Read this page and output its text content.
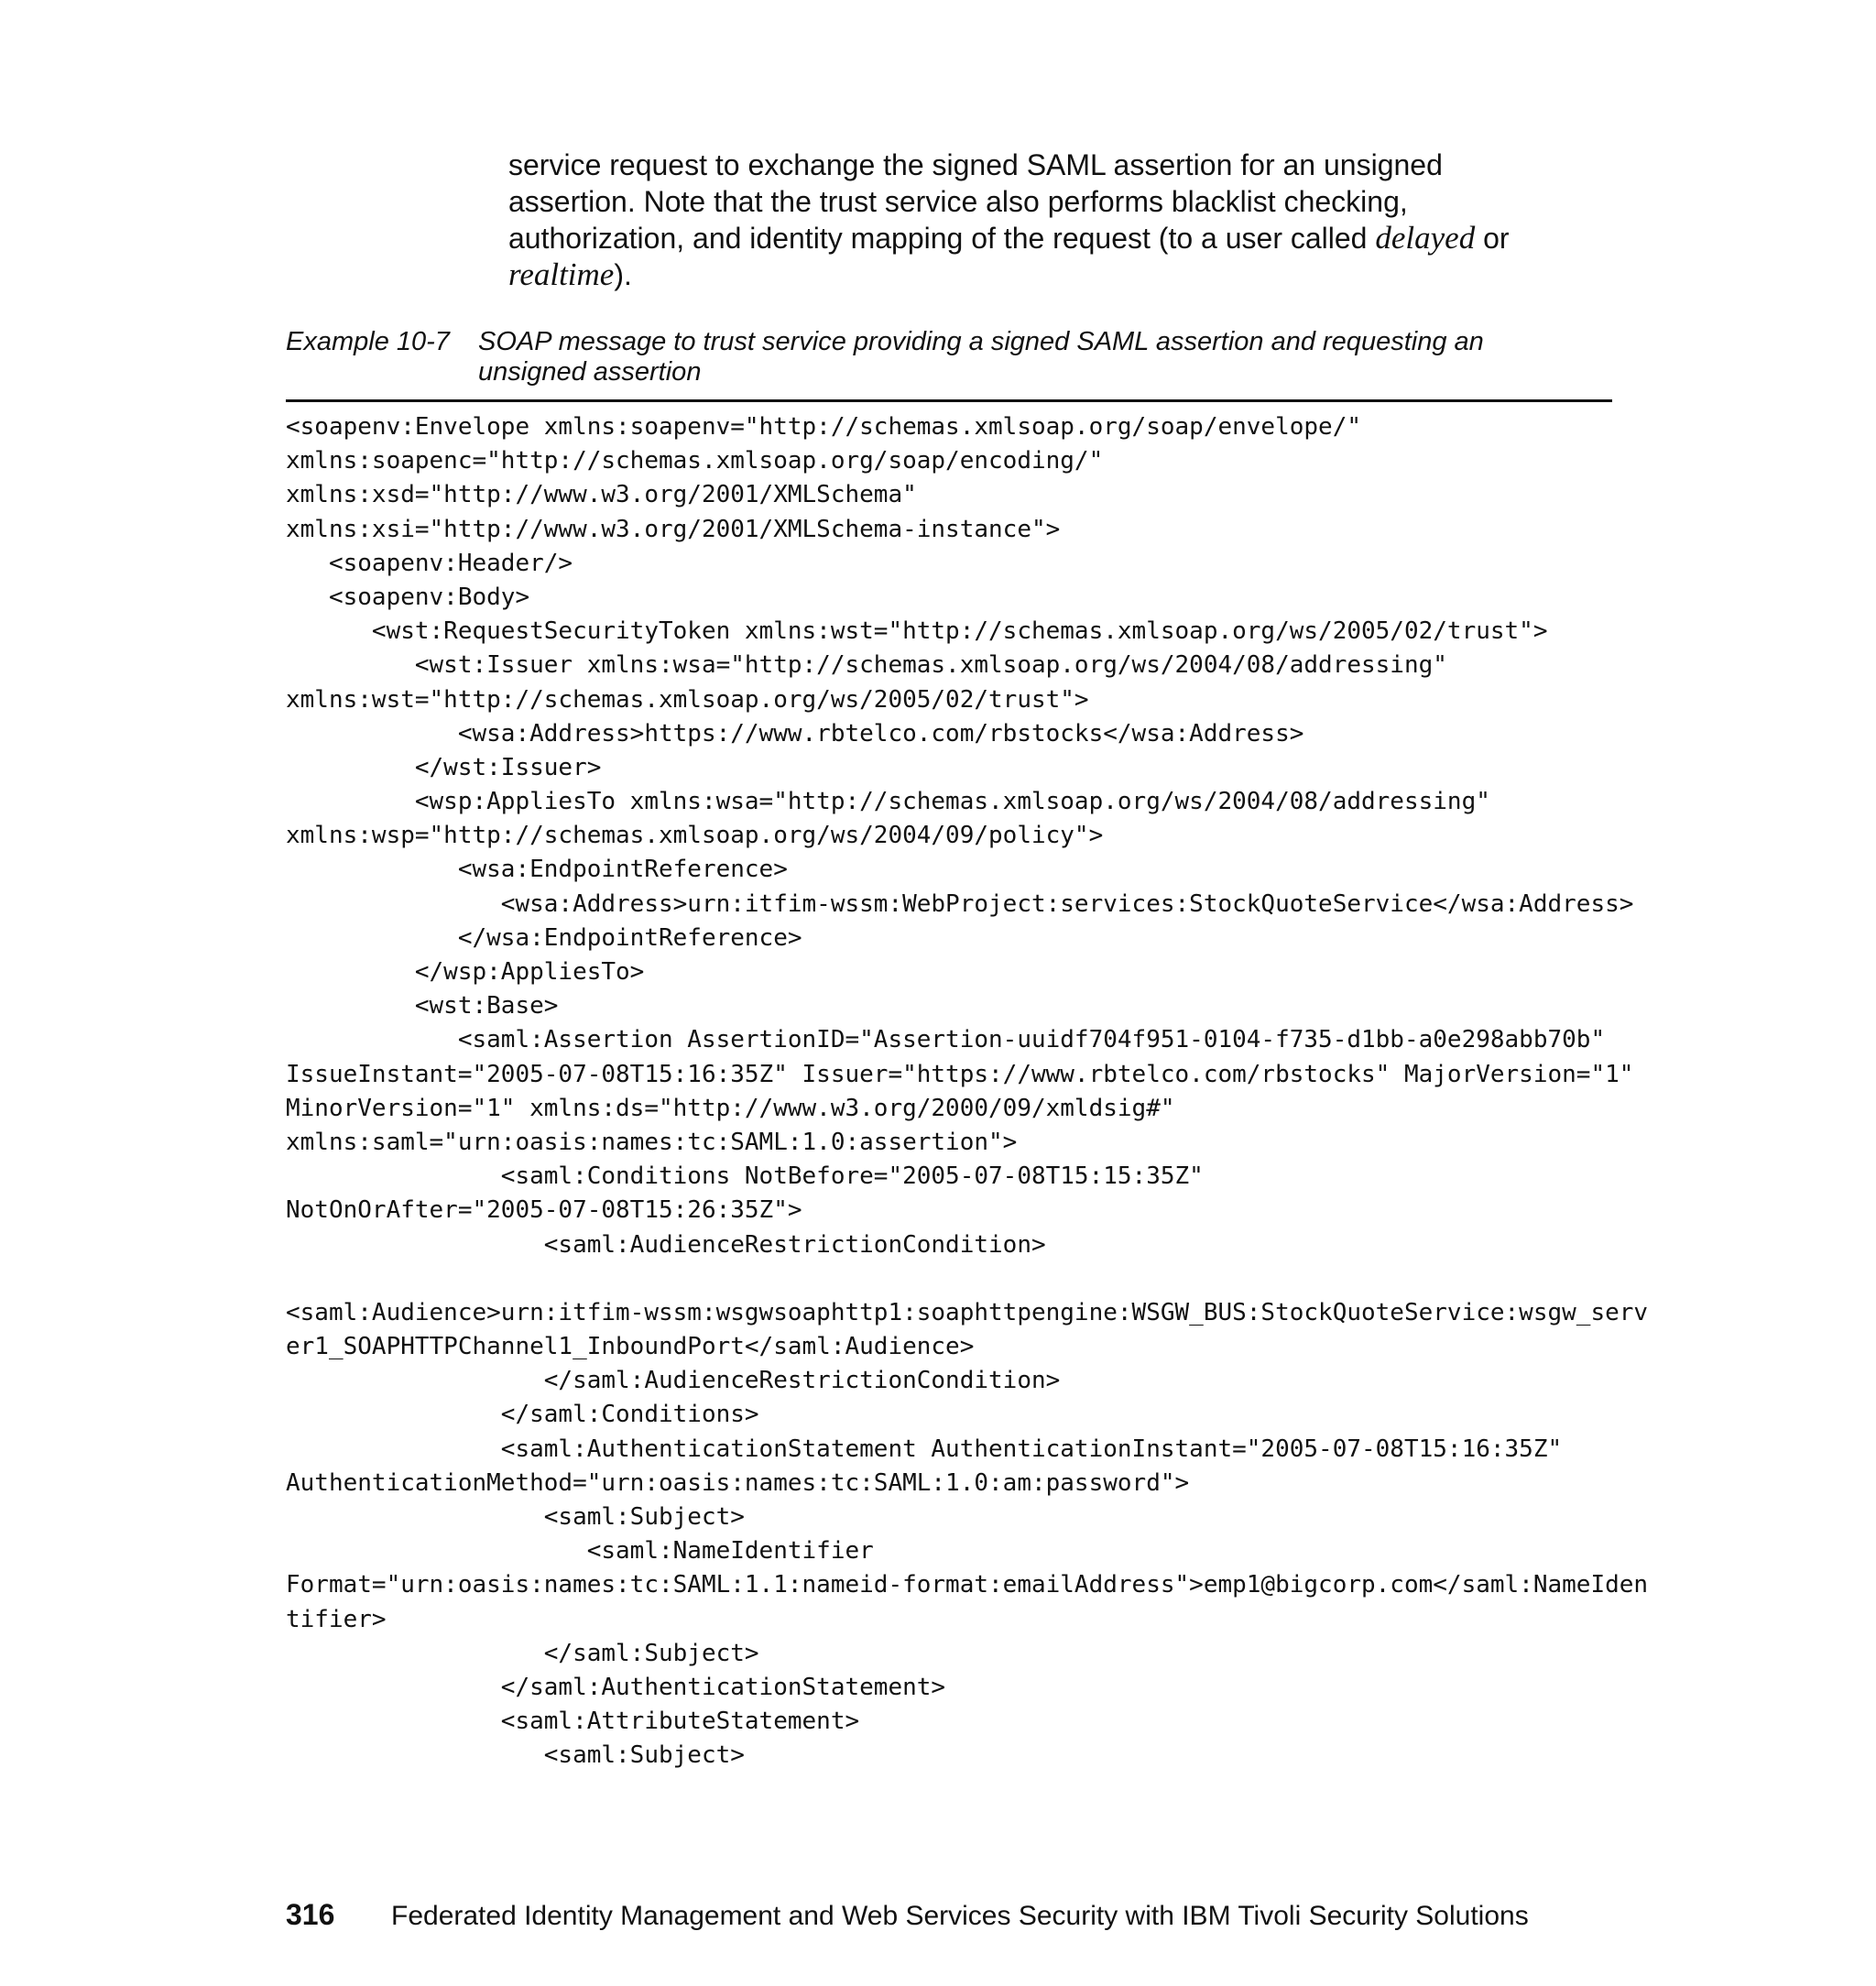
service request to exchange the signed SAML assertion for an unsigned
assertion. Note that the trust service also performs blacklist checking,
authorization, and identity mapping of the request (to a user called delayed or
realtime).
Example 10-7 SOAP message to trust service providing a signed SAML assertion and requesting an
unsigned assertion
<soapenv:Envelope xmlns:soapenv="http://schemas.xmlsoap.org/soap/envelope/"
xmlns:soapenc="http://schemas.xmlsoap.org/soap/encoding/"
xmlns:xsd="http://www.w3.org/2001/XMLSchema"
xmlns:xsi="http://www.w3.org/2001/XMLSchema-instance">
<soapenv:Header/>
<soapenv:Body>
<wst:RequestSecurityToken xmlns:wst="http://schemas.xmlsoap.org/ws/2005/02/trust">
<wst:Issuer xmlns:wsa="http://schemas.xmlsoap.org/ws/2004/08/addressing"
xmlns:wst="http://schemas.xmlsoap.org/ws/2005/02/trust">
<wsa:Address>https://www.rbtelco.com/rbstocks</wsa:Address>
</wst:Issuer>
<wsp:AppliesTo xmlns:wsa="http://schemas.xmlsoap.org/ws/2004/08/addressing"
xmlns:wsp="http://schemas.xmlsoap.org/ws/2004/09/policy">
<wsa:EndpointReference>
<wsa:Address>urn:itfim-wssm:WebProject:services:StockQuoteService</wsa:Address>
</wsa:EndpointReference>
</wsp:AppliesTo>
<wst:Base>
<saml:Assertion AssertionID="Assertion-uuidf704f951-0104-f735-d1bb-a0e298abb70b"
IssueInstant="2005-07-08T15:16:35Z" Issuer="https://www.rbtelco.com/rbstocks" MajorVersion="1"
MinorVersion="1" xmlns:ds="http://www.w3.org/2000/09/xmldsig#"
xmlns:saml="urn:oasis:names:tc:SAML:1.0:assertion">
<saml:Conditions NotBefore="2005-07-08T15:15:35Z"
NotOnOrAfter="2005-07-08T15:26:35Z">
<saml:AudienceRestrictionCondition>
<saml:Audience>urn:itfim-wssm:wsgwsoaphttp1:soaphttpengine:WSGW_BUS:StockQuoteService:wsgw_serv
er1_SOAPHTTPChannel1_InboundPort</saml:Audience>
</saml:AudienceRestrictionCondition>
</saml:Conditions>
<saml:AuthenticationStatement AuthenticationInstant="2005-07-08T15:16:35Z"
AuthenticationMethod="urn:oasis:names:tc:SAML:1.0:am:password">
<saml:Subject>
<saml:NameIdentifier
Format="urn:oasis:names:tc:SAML:1.1:nameid-format:emailAddress">emp1@bigcorp.com</saml:NameIden
tifier>
</saml:Subject>
</saml:AuthenticationStatement>
<saml:AttributeStatement>
<saml:Subject>
316 Federated Identity Management and Web Services Security with IBM Tivoli Security Solutions
